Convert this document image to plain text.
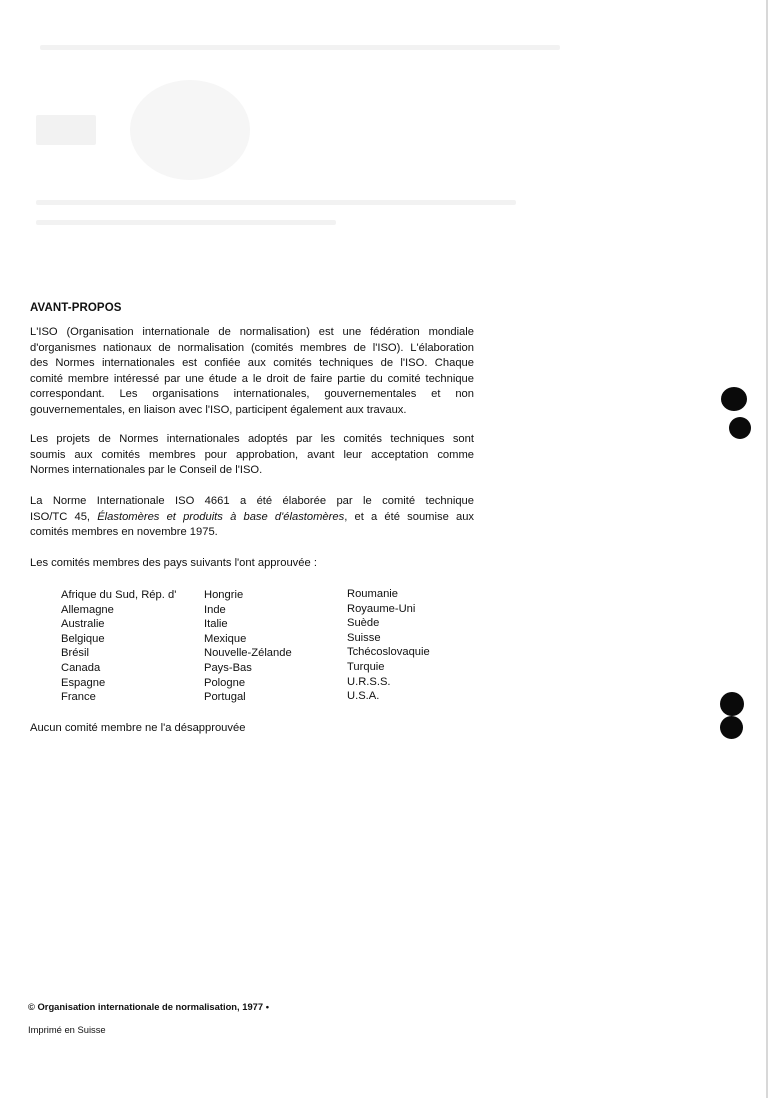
AVANT-PROPOS

L'ISO (Organisation internationale de normalisation) est une fédération mondiale
d'organismes nationaux de normalisation (comités membres de l'ISO). L'élaboration
des Normes internationales est confiée aux comités techniques de l'ISO. Chaque
comité membre intéressé par une étude a le droit de faire partie du comité technique
correspondant. Les organisations internationales, gouvernementales et non
gouvernementales, en liaison avec l'ISO, participent également aux travaux.

Les projets de Normes internationales adoptés par les comités techniques sont
soumis aux comités membres pour approbation, avant leur acceptation comme
Normes internationales par le Conseil de l'ISO.

La Norme Internationale ISO 4661 a été élaborée par le comité technique
ISO/TC 45, Élastomères et produits à base d'élastomères, et a été soumise aux
comités membres en novembre 1975.

Les comités membres des pays suivants l'ont approuvée :

Afrique du Sud, Rép. d'
Allemagne
Australie
Belgique
Brésil
Canada
Espagne
France
Hongrie
Inde
Italie
Mexique
Nouvelle-Zélande
Pays-Bas
Pologne
Portugal
Roumanie
Royaume-Uni
Suède
Suisse
Tchécoslovaquie
Turquie
U.R.S.S.
U.S.A.

Aucun comité membre ne l'a désapprouvée

© Organisation internationale de normalisation, 1977 •
Imprimé en Suisse
